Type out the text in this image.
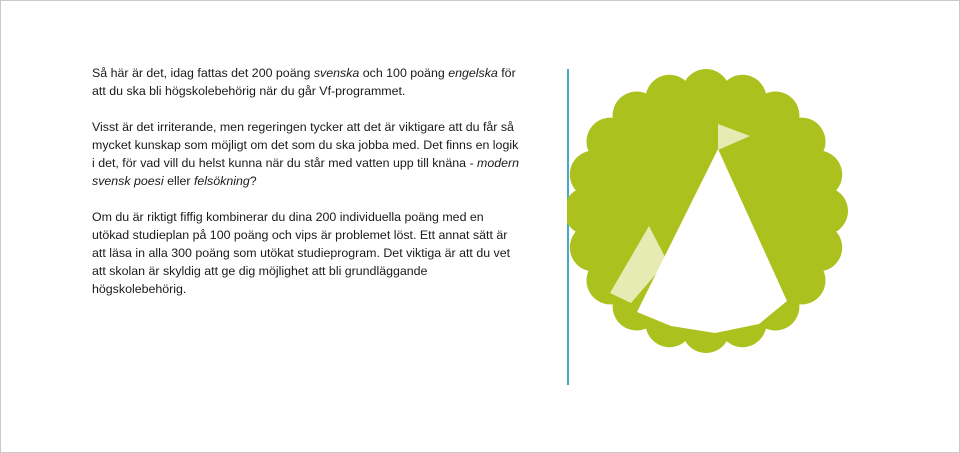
Så här är det, idag fattas det 200 poäng svenska och 100 poäng engelska för att du ska bli högskolebehörig när du går Vf-programmet.

Visst är det irriterande, men regeringen tycker att det är viktigare att du får så mycket kunskap som möjligt om det som du ska jobba med. Det finns en logik i det, för vad vill du helst kunna när du står med vatten upp till knäna - modern svensk poesi eller felsökning?

Om du är riktigt fiffig kombinerar du dina 200 individuella poäng med en utökad studieplan på 100 poäng och vips är problemet löst. Ett annat sätt är att läsa in alla 300 poäng som utökat studieprogram. Det viktiga är att du vet att skolan är skyldig att ge dig möjlighet att bli grundläggande högskolebehörig.
